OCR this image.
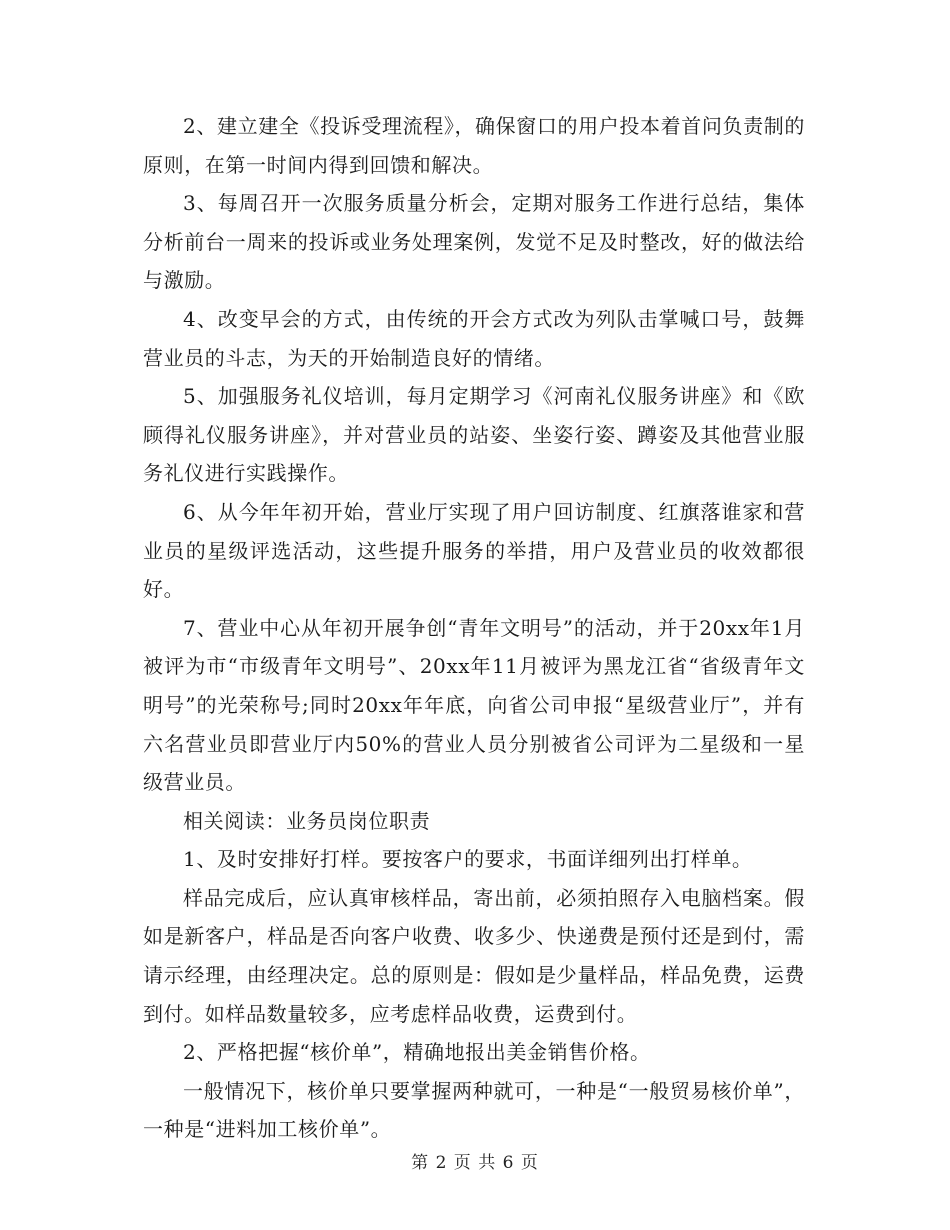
2、建立建全《投诉受理流程》，确保窗口的用户投本着首问负责制的原则，在第一时间内得到回馈和解决。

3、每周召开一次服务质量分析会，定期对服务工作进行总结，集体分析前台一周来的投诉或业务处理案例，发觉不足及时整改，好的做法给与激励。

4、改变早会的方式，由传统的开会方式改为列队击掌喊口号，鼓舞营业员的斗志，为天的开始制造良好的情绪。

5、加强服务礼仪培训，每月定期学习《河南礼仪服务讲座》和《欧顾得礼仪服务讲座》，并对营业员的站姿、坐姿行姿、蹲姿及其他营业服务礼仪进行实践操作。

6、从今年年初开始，营业厅实现了用户回访制度、红旗落谁家和营业员的星级评选活动，这些提升服务的举措，用户及营业员的收效都很好。

7、营业中心从年初开展争创“青年文明号”的活动，并于20xx年1月被评为市“市级青年文明号”、20xx年11月被评为黑龙江省“省级青年文明号”的光荣称号;同时20xx年年底，向省公司申报“星级营业厅”，并有六名营业员即营业厅内50%的营业人员分别被省公司评为二星级和一星级营业员。

相关阅读：业务员岗位职责

1、及时安排好打样。要按客户的要求，书面详细列出打样单。

样品完成后，应认真审核样品，寄出前，必须拍照存入电脑档案。假如是新客户，样品是否向客户收费、收多少、快递费是预付还是到付，需请示经理，由经理决定。总的原则是：假如是少量样品，样品免费，运费到付。如样品数量较多，应考虑样品收费，运费到付。

2、严格把握“核价单”，精确地报出美金销售价格。

一般情况下，核价单只要掌握两种就可，一种是“一般贸易核价单”，一种是“进料加工核价单”。

第 2 页 共 6 页
